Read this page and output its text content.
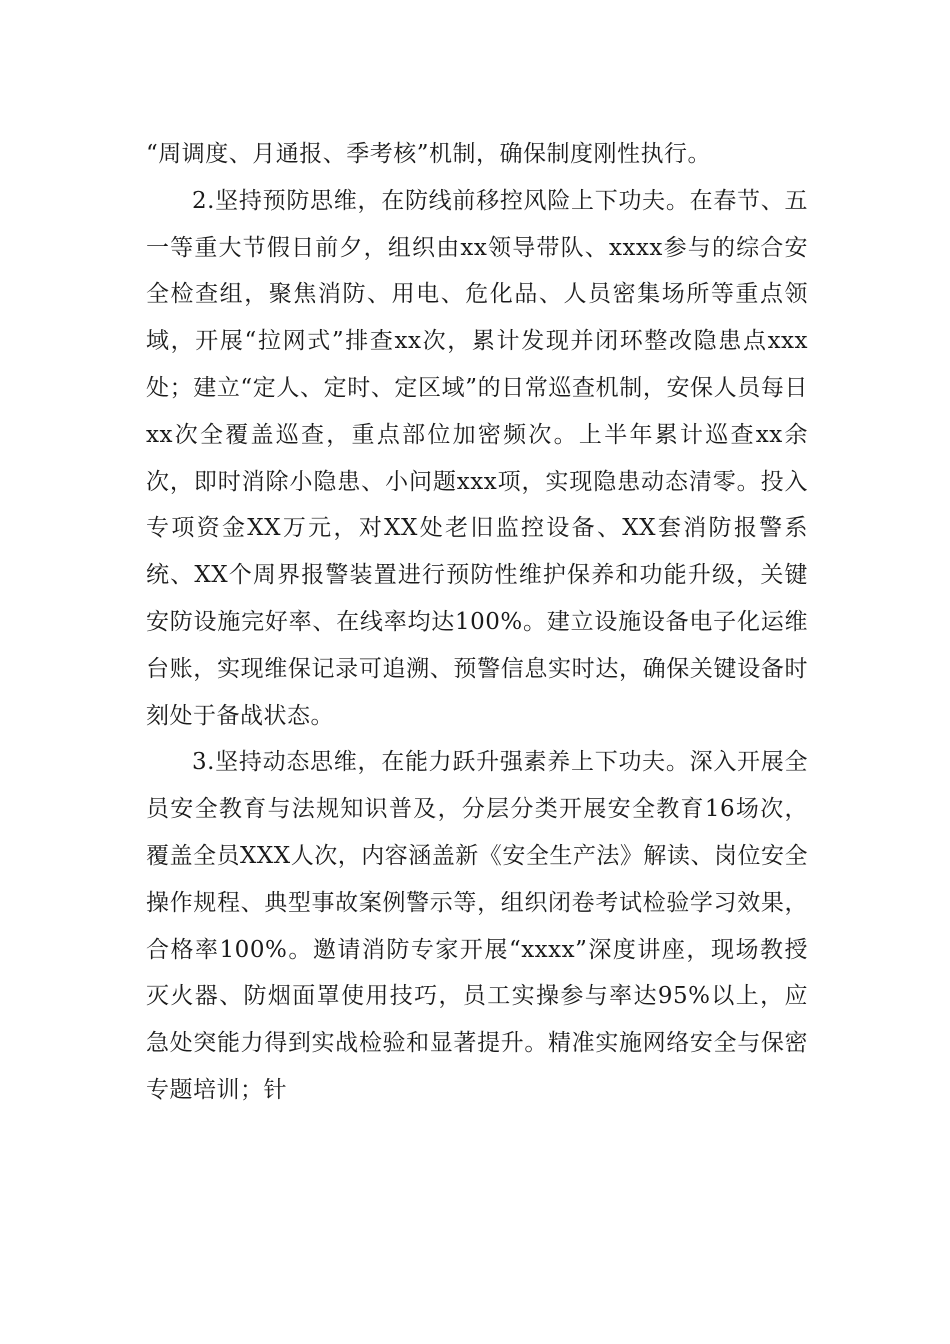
“周调度、月通报、季考核”机制，确保制度刚性执行。

2.坚持预防思维，在防线前移控风险上下功夫。在春节、五一等重大节假日前夕，组织由xx领导带队、xxxx参与的综合安全检查组，聚焦消防、用电、危化品、人员密集场所等重点领域，开展“拉网式”排查xx次，累计发现并闭环整改隐患点xxx处；建立“定人、定时、定区域”的日常巡查机制，安保人员每日xx次全覆盖巡查，重点部位加密频次。上半年累计巡查xx余次，即时消除小隐患、小问题xxx项，实现隐患动态清零。投入专项资金XX万元，对XX处老旧监控设备、XX套消防报警系统、XX个周界报警装置进行预防性维护保养和功能升级，关键安防设施完好率、在线率均达100%。建立设施设备电子化运维台账，实现维保记录可追溯、预警信息实时达，确保关键设备时刻处于备战状态。

3.坚持动态思维，在能力跃升强素养上下功夫。深入开展全员安全教育与法规知识普及，分层分类开展安全教育16场次，覆盖全员XXX人次，内容涵盖新《安全生产法》解读、岗位安全操作规程、典型事故案例警示等，组织闭卷考试检验学习效果，合格率100%。邀请消防专家开展“xxxx”深度讲座，现场教授灭火器、防烟面罩使用技巧，员工实操参与率达95%以上，应急处突能力得到实战检验和显著提升。精准实施网络安全与保密专题培训；针
